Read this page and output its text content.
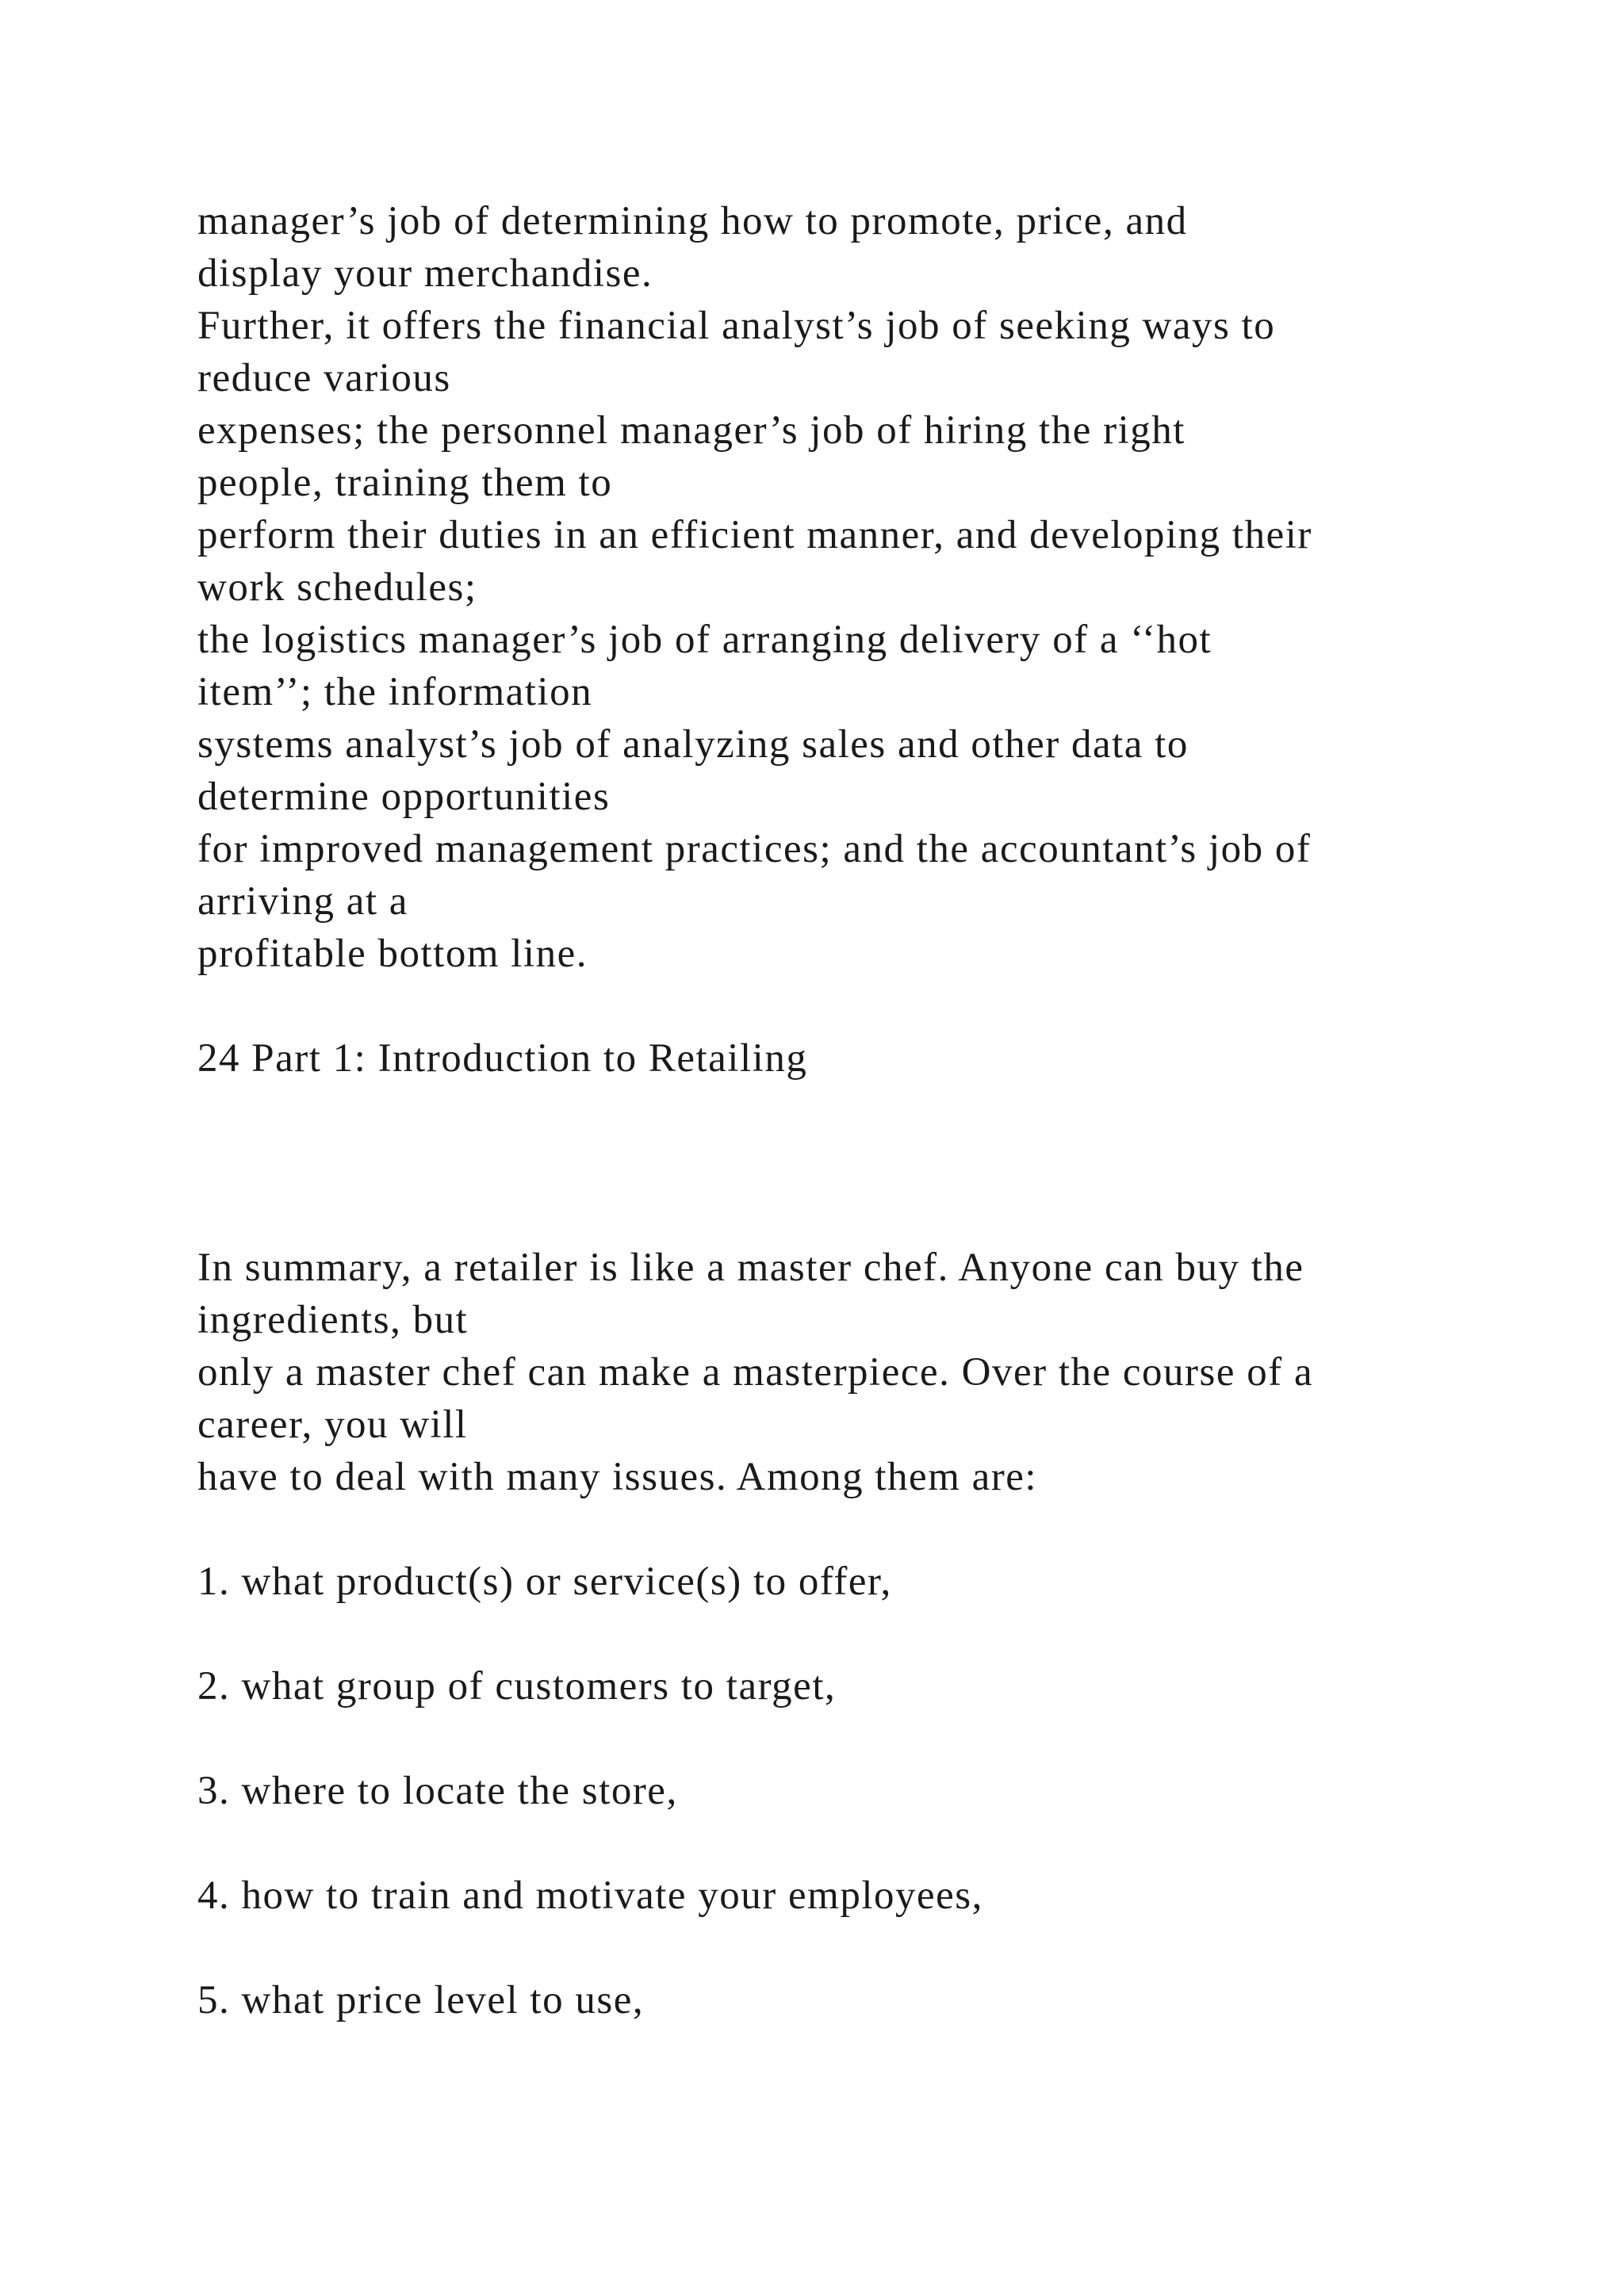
manager’s job of determining how to promote, price, and
display your merchandise.
Further, it offers the financial analyst’s job of seeking ways to
reduce various
expenses; the personnel manager’s job of hiring the right
people, training them to
perform their duties in an efficient manner, and developing their
work schedules;
the logistics manager’s job of arranging delivery of a ‘‘hot
item’’; the information
systems analyst’s job of analyzing sales and other data to
determine opportunities
for improved management practices; and the accountant’s job of
arriving at a
profitable bottom line.
24 Part 1: Introduction to Retailing
In summary, a retailer is like a master chef. Anyone can buy the
ingredients, but
only a master chef can make a masterpiece. Over the course of a
career, you will
have to deal with many issues. Among them are:
1. what product(s) or service(s) to offer,
2. what group of customers to target,
3. where to locate the store,
4. how to train and motivate your employees,
5. what price level to use,
